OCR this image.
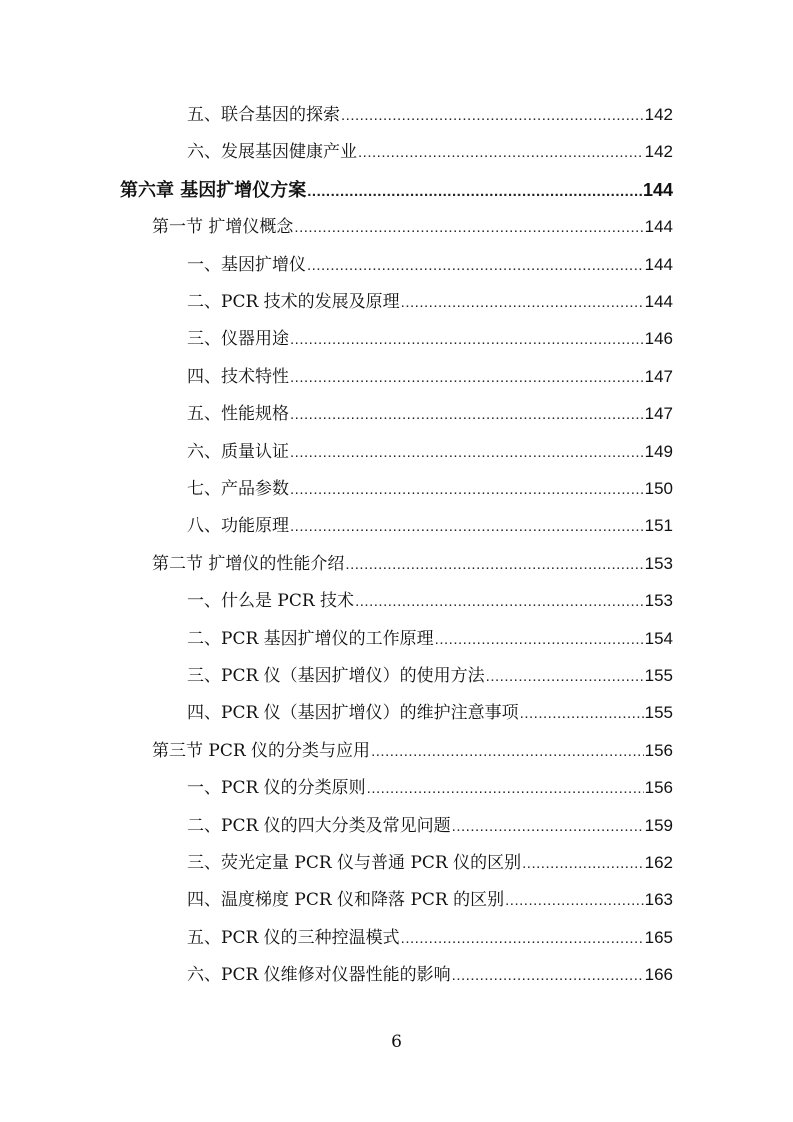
五、联合基因的探索 .....	142
六、发展基因健康产业 .....	142
第六章 基因扩增仪方案 .....	144
第一节 扩增仪概念 .....	144
一、基因扩增仪 .....	144
二、PCR 技术的发展及原理 .....	144
三、仪器用途 .....	146
四、技术特性 .....	147
五、性能规格 .....	147
六、质量认证 .....	149
七、产品参数 .....	150
八、功能原理 .....	151
第二节 扩增仪的性能介绍 .....	153
一、什么是 PCR 技术 .....	153
二、PCR 基因扩增仪的工作原理 .....	154
三、PCR 仪（基因扩增仪）的使用方法 .....	155
四、PCR 仪（基因扩增仪）的维护注意事项 .....	155
第三节 PCR 仪的分类与应用 .....	156
一、PCR 仪的分类原则 .....	156
二、PCR 仪的四大分类及常见问题 .....	159
三、荧光定量 PCR 仪与普通 PCR 仪的区别 .....	162
四、温度梯度 PCR 仪和降落 PCR 的区别 .....	163
五、PCR 仪的三种控温模式 .....	165
六、PCR 仪维修对仪器性能的影响 .....	166
6
